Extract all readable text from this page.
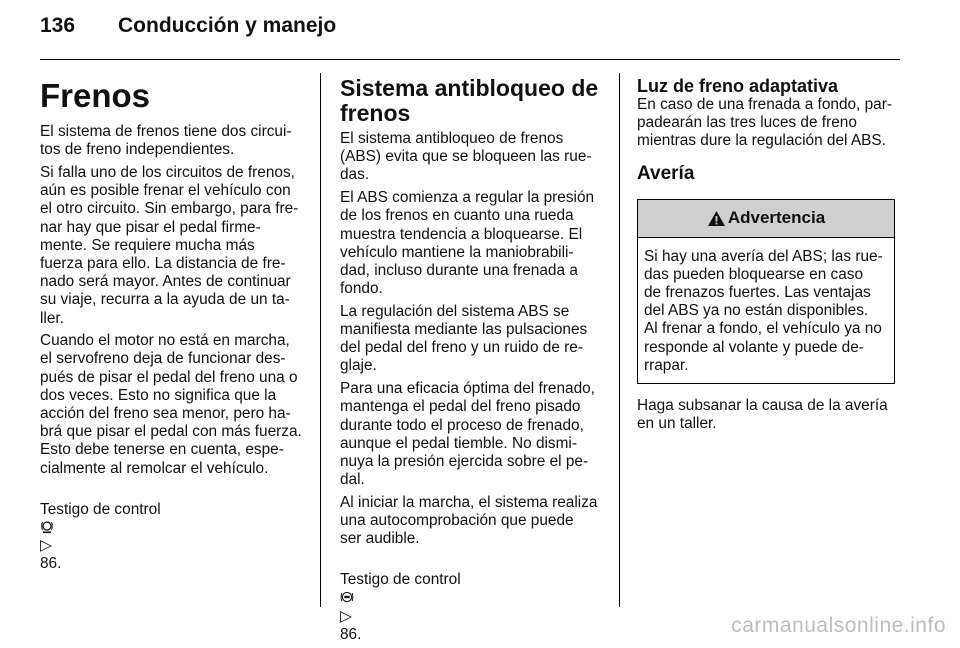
136 Conducción y manejo
Frenos

El sistema de frenos tiene dos circui-
tos de freno independientes.

Si falla uno de los circuitos de frenos,
aún es posible frenar el vehículo con
el otro circuito. Sin embargo, para fre-
nar hay que pisar el pedal firme-
mente. Se requiere mucha más
fuerza para ello. La distancia de fre-
nado será mayor. Antes de continuar
su viaje, recurra a la ayuda de un ta-
ller.

Cuando el motor no está en marcha,
el servofreno deja de funcionar des-
pués de pisar el pedal del freno una o
dos veces. Esto no significa que la
acción del freno sea menor, pero ha-
brá que pisar el pedal con más fuerza.
Esto debe tenerse en cuenta, espe-
cialmente al remolcar el vehículo.

Testigo de control

▷
86.

Sistema antibloqueo de
frenos

El sistema antibloqueo de frenos
(ABS) evita que se bloqueen las rue-
das.

El ABS comienza a regular la presión
de los frenos en cuanto una rueda
muestra tendencia a bloquearse. El
vehículo mantiene la maniobrabili-
dad, incluso durante una frenada a
fondo.

La regulación del sistema ABS se
manifiesta mediante las pulsaciones
del pedal del freno y un ruido de re-
glaje.

Para una eficacia óptima del frenado,
mantenga el pedal del freno pisado
durante todo el proceso de frenado,
aunque el pedal tiemble. No dismi-
nuya la presión ejercida sobre el pe-
dal.

Al iniciar la marcha, el sistema realiza
una autocomprobación que puede
ser audible.

Testigo de control

▷
86.

Luz de freno adaptativa

En caso de una frenada a fondo, par-
padearán las tres luces de freno
mientras dure la regulación del ABS.

Avería
Advertencia
Si hay una avería del ABS; las rue-
das pueden bloquearse en caso
de frenazos fuertes. Las ventajas
del ABS ya no están disponibles.
Al frenar a fondo, el vehículo ya no
responde al volante y puede de-
rrapar.

Haga subsanar la causa de la avería
en un taller.

carmanualsonline.info
